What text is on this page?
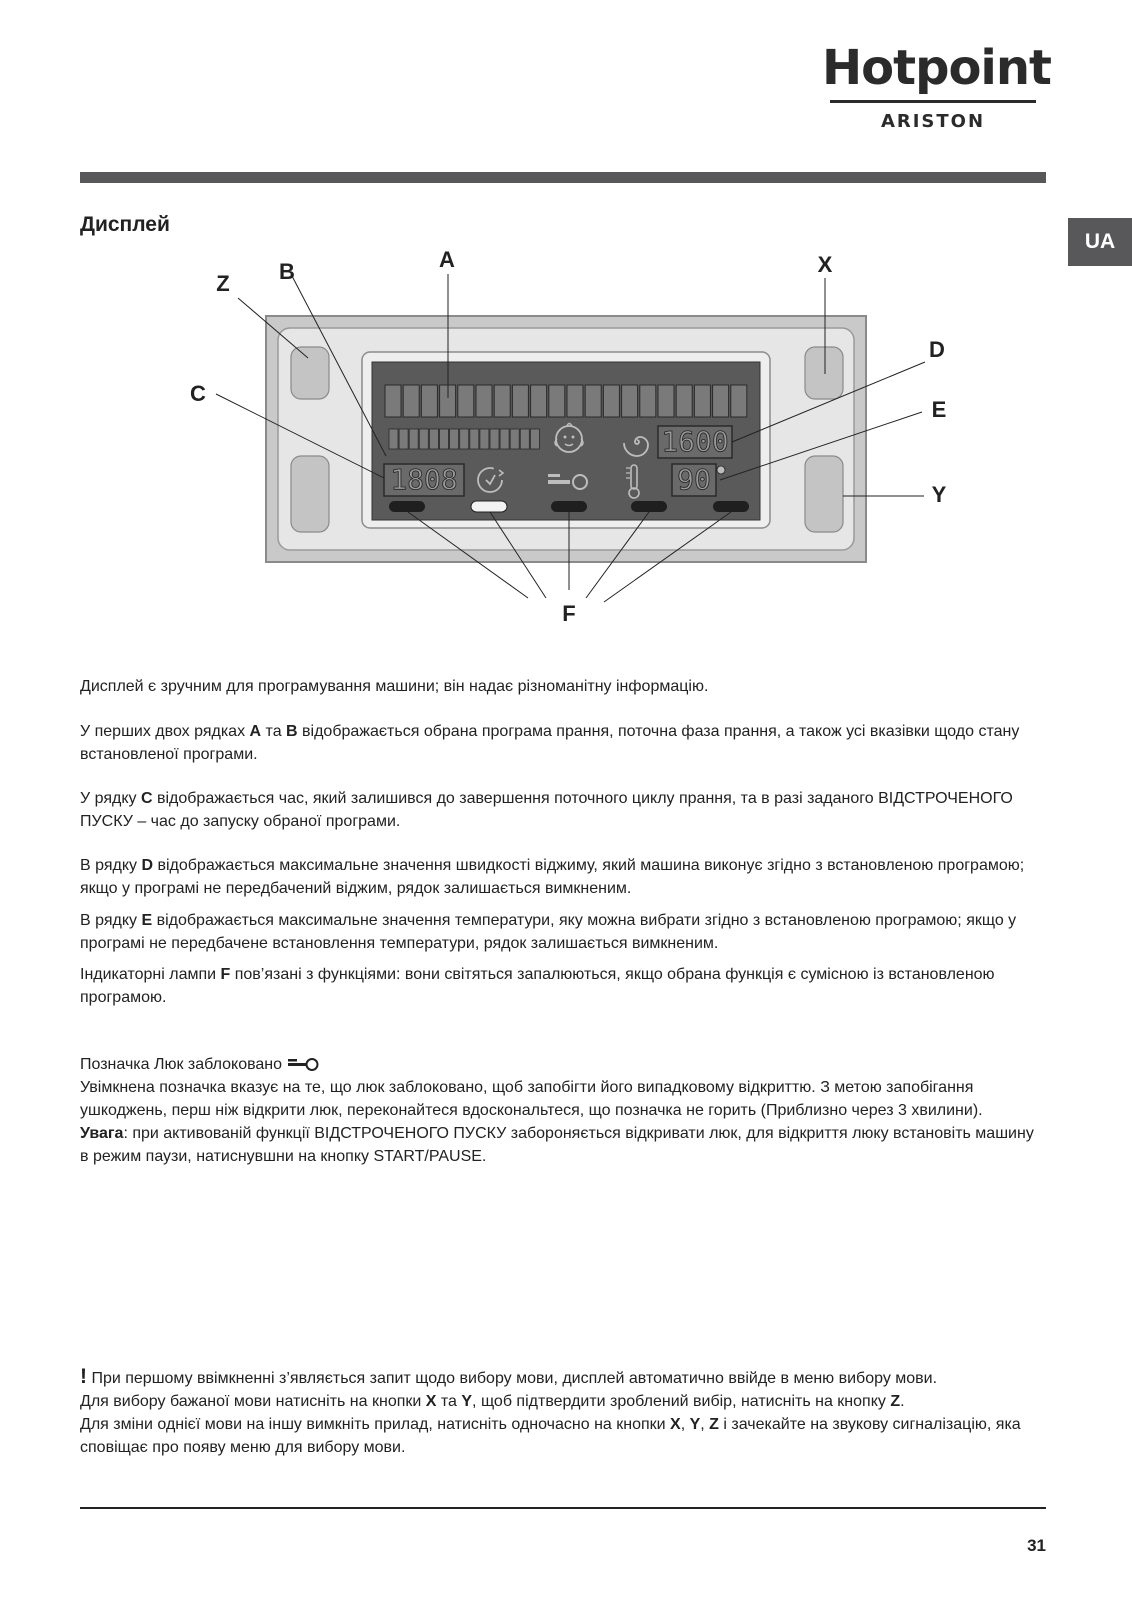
Hotpoint
ARISTON
UA
Дисплей
1808
1600
90
A
B
Z
C
X
D
E
Y
F

Дисплей є зручним для програмування машини; він надає різноманітну інформацію.

У перших двох рядках A та B відображається обрана програма прання, поточна фаза прання, а також усі вказівки щодо стану встановленої програми.

У рядку C відображається час, який залишився до завершення поточного циклу прання, та в разі заданого ВІДСТРОЧЕНОГО ПУСКУ – час до запуску обраної програми.

В рядку D відображається максимальне значення швидкості віджиму, який машина виконує згідно з встановленою програмою; якщо у програмі не передбачений віджим, рядок залишається вимкненим.

В рядку E відображається максимальне значення температури, яку можна вибрати згідно з встановленою програмою; якщо у програмі не передбачене встановлення температури, рядок залишається вимкненим.

Індикаторні лампи F пов’язані з функціями: вони світяться запалюються, якщо обрана функція є сумісною із встановленою програмою.

Позначка Люк заблоковано

Увімкнена позначка вказує на те, що люк заблоковано, щоб запобігти його випадковому відкриттю. З метою запобігання ушкоджень, перш ніж відкрити люк, переконайтеся вдоскональтеся, що позначка не горить (Приблизно через 3 хвилини).

Увага: при активованій функції ВІДСТРОЧЕНОГО ПУСКУ забороняється відкривати люк, для відкриття люку встановіть машину в режим паузи, натиснувшни на кнопку START/PAUSE.

! При першому ввімкненні з’являється запит щодо вибору мови, дисплей автоматично ввійде в меню вибору мови.

Для вибору бажаної мови натисніть на кнопки X та Y, щоб підтвердити зроблений вибір, натисніть на кнопку Z.

Для зміни однієї мови на іншу вимкніть прилад, натисніть одночасно на кнопки X, Y, Z і зачекайте на звукову сигналізацію, яка сповіщає про появу меню для вибору мови.

31
